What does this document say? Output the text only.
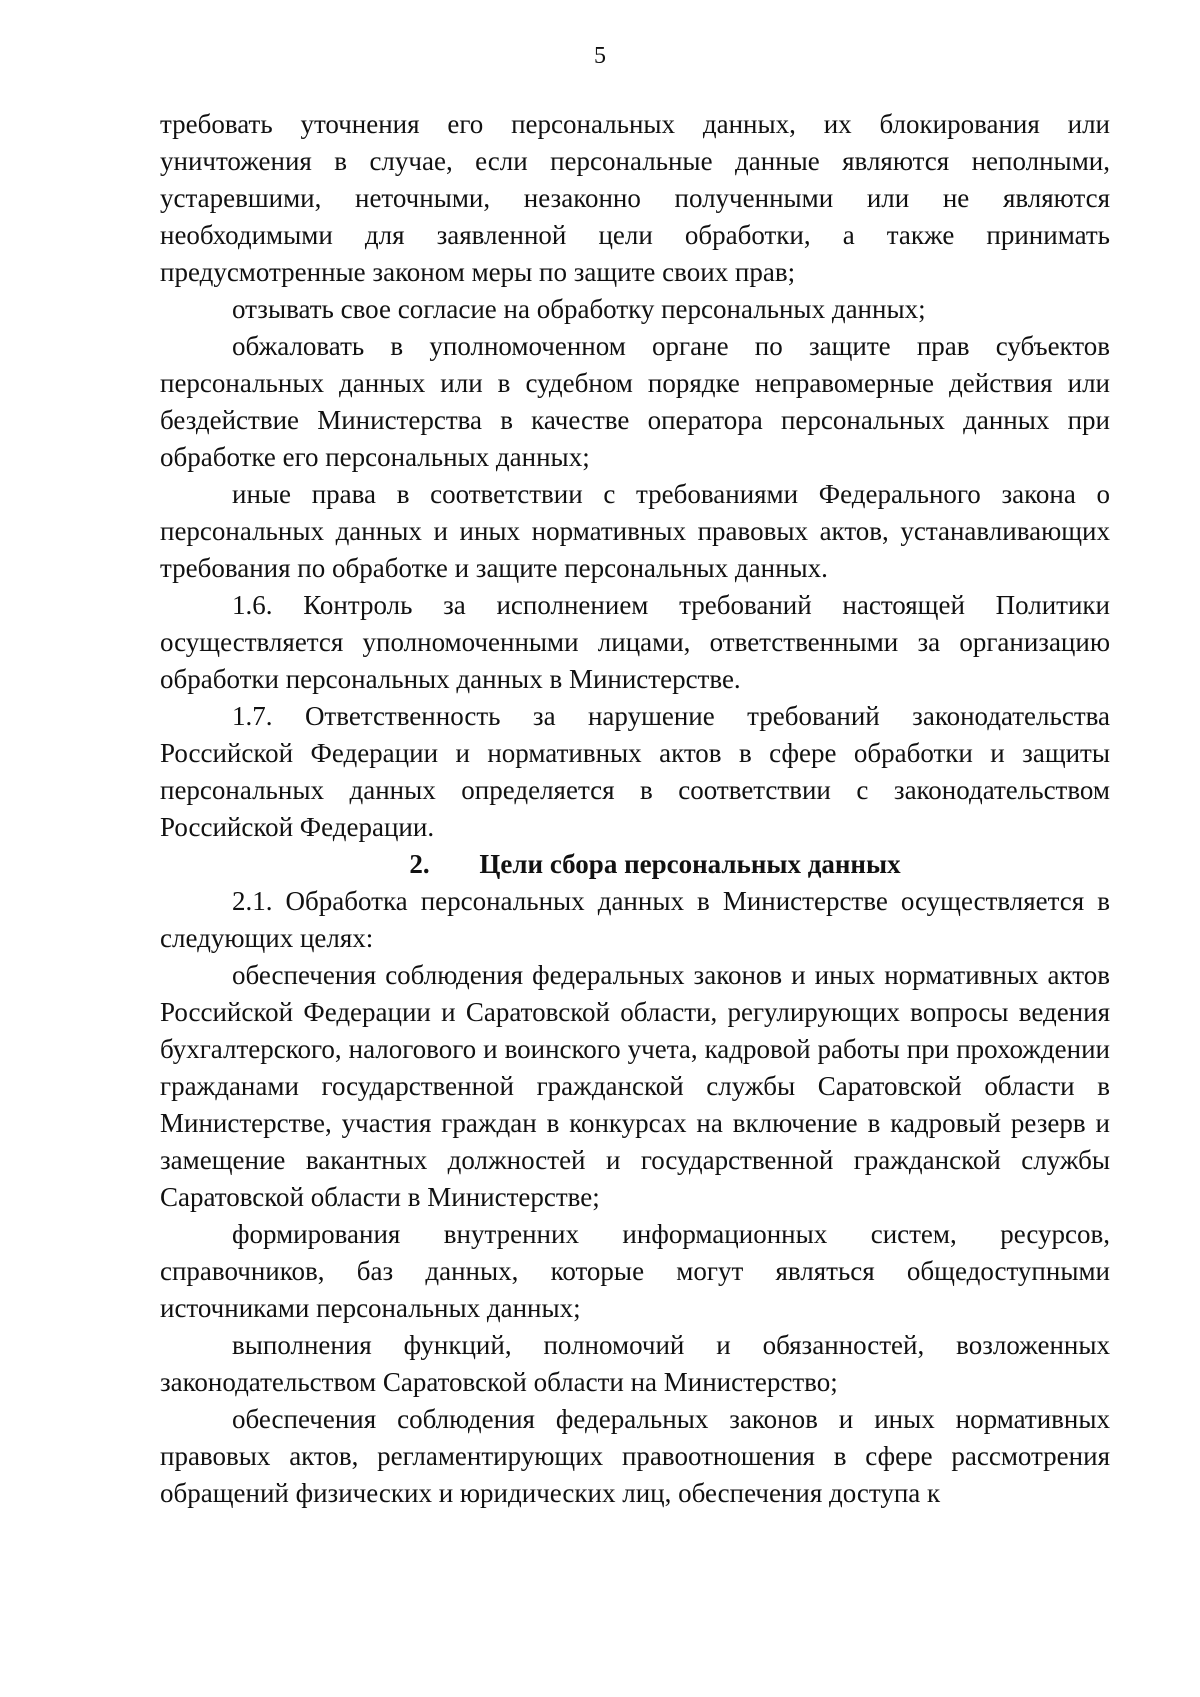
5

требовать уточнения его персональных данных, их блокирования или уничтожения в случае, если персональные данные являются неполными, устаревшими, неточными, незаконно полученными или не являются необходимыми для заявленной цели обработки, а также принимать предусмотренные законом меры по защите своих прав;

отзывать свое согласие на обработку персональных данных;

обжаловать в уполномоченном органе по защите прав субъектов персональных данных или в судебном порядке неправомерные действия или бездействие Министерства в качестве оператора персональных данных при обработке его персональных данных;

иные права в соответствии с требованиями Федерального закона о персональных данных и иных нормативных правовых актов, устанавливающих требования по обработке и защите персональных данных.

1.6. Контроль за исполнением требований настоящей Политики осуществляется уполномоченными лицами, ответственными за организацию обработки персональных данных в Министерстве.

1.7. Ответственность за нарушение требований законодательства Российской Федерации и нормативных актов в сфере обработки и защиты персональных данных определяется в соответствии с законодательством Российской Федерации.

2. Цели сбора персональных данных

2.1. Обработка персональных данных в Министерстве осуществляется в следующих целях:

обеспечения соблюдения федеральных законов и иных нормативных актов Российской Федерации и Саратовской области, регулирующих вопросы ведения бухгалтерского, налогового и воинского учета, кадровой работы при прохождении гражданами государственной гражданской службы Саратовской области в Министерстве, участия граждан в конкурсах на включение в кадровый резерв и замещение вакантных должностей и государственной гражданской службы Саратовской области в Министерстве;

формирования внутренних информационных систем, ресурсов, справочников, баз данных, которые могут являться общедоступными источниками персональных данных;

выполнения функций, полномочий и обязанностей, возложенных законодательством Саратовской области на Министерство;

обеспечения соблюдения федеральных законов и иных нормативных правовых актов, регламентирующих правоотношения в сфере рассмотрения обращений физических и юридических лиц, обеспечения доступа к
